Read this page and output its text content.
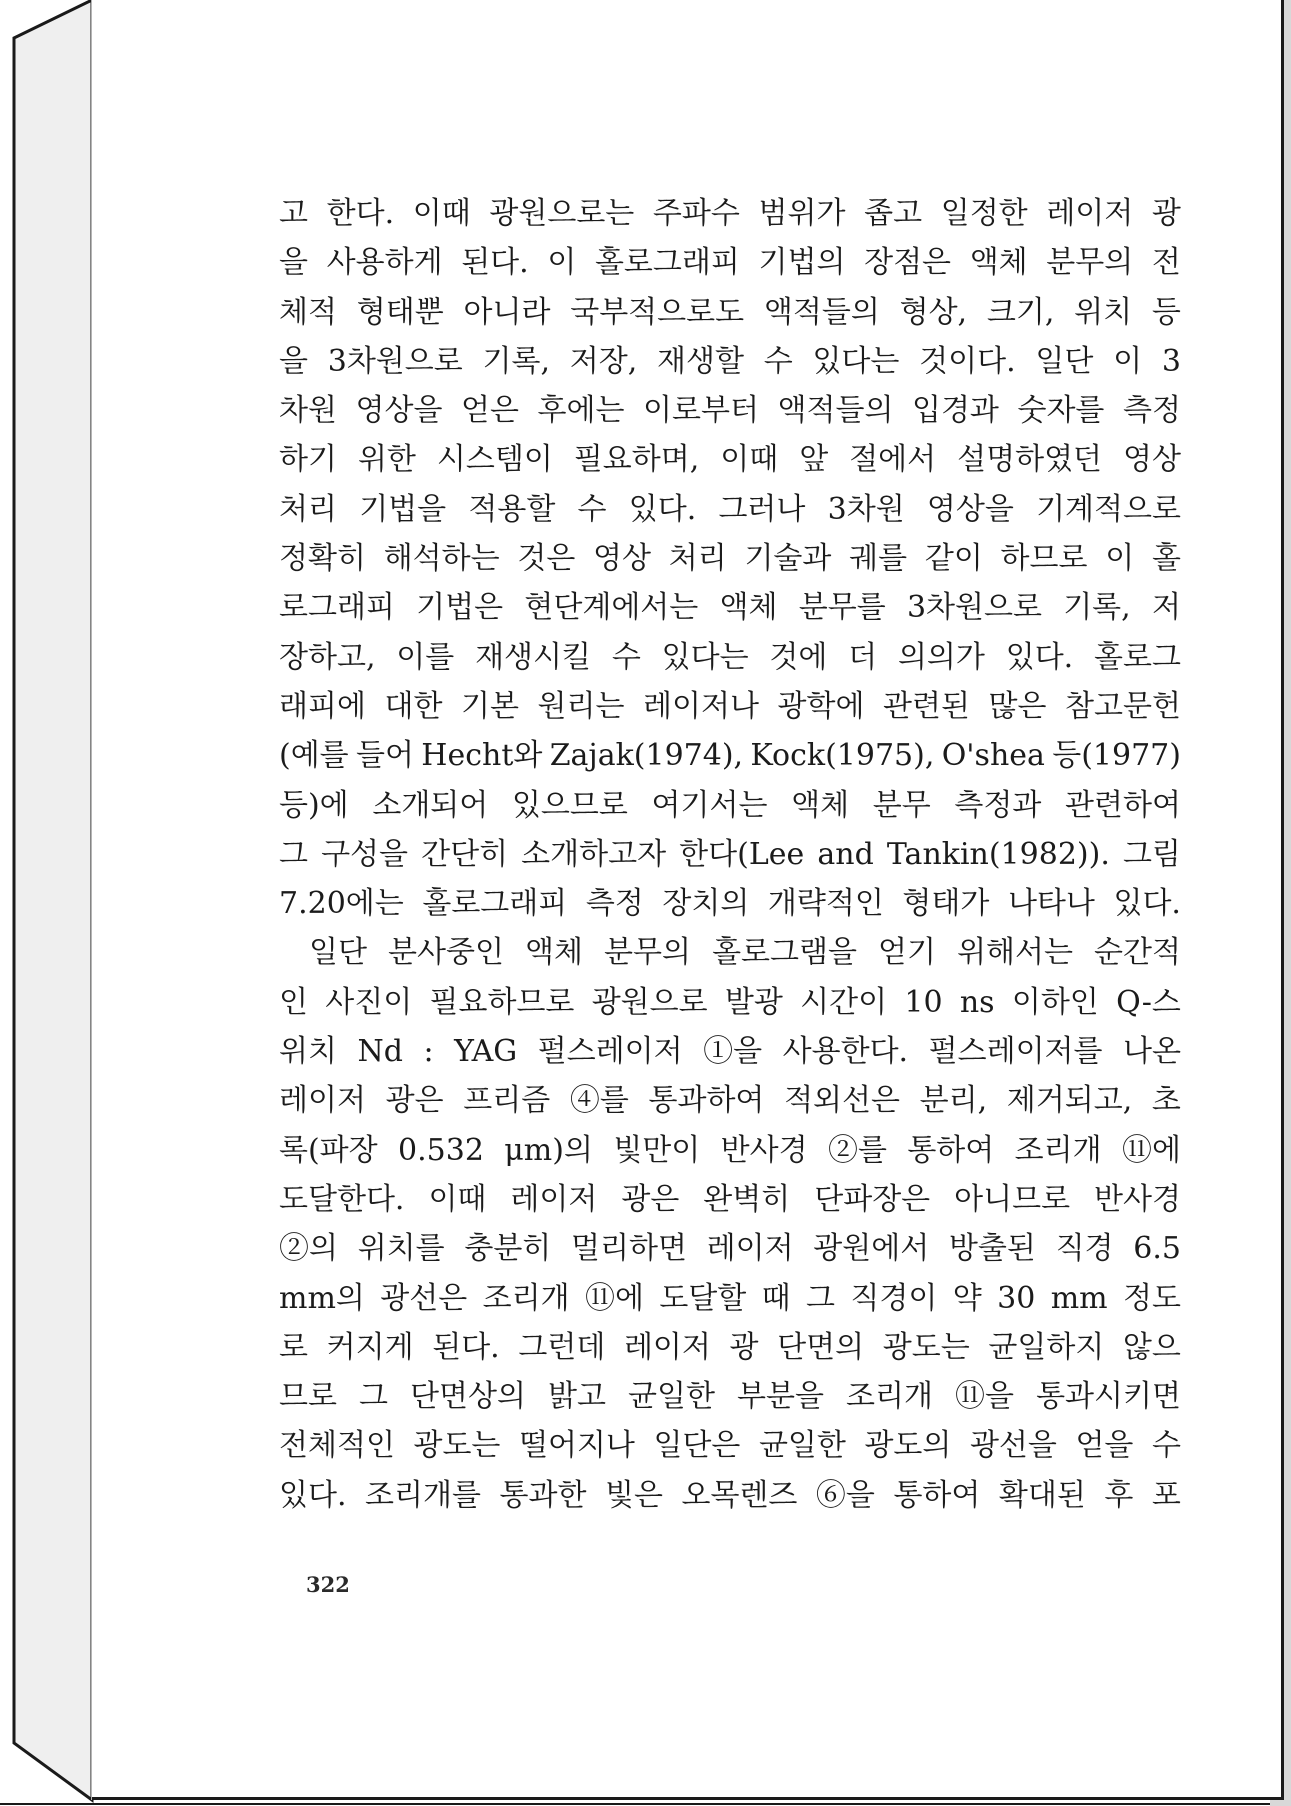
고 한다. 이때 광원으로는 주파수 범위가 좁고 일정한 레이저 광
을 사용하게 된다. 이 홀로그래피 기법의 장점은 액체 분무의 전
체적 형태뿐 아니라 국부적으로도 액적들의 형상, 크기, 위치 등
을 3차원으로 기록, 저장, 재생할 수 있다는 것이다. 일단 이 3
차원 영상을 얻은 후에는 이로부터 액적들의 입경과 숫자를 측정
하기 위한 시스템이 필요하며, 이때 앞 절에서 설명하였던 영상
처리 기법을 적용할 수 있다. 그러나 3차원 영상을 기계적으로
정확히 해석하는 것은 영상 처리 기술과 궤를 같이 하므로 이 홀
로그래피 기법은 현단계에서는 액체 분무를 3차원으로 기록, 저
장하고, 이를 재생시킬 수 있다는 것에 더 의의가 있다. 홀로그
래피에 대한 기본 원리는 레이저나 광학에 관련된 많은 참고문헌
(예를 들어 Hecht와 Zajak(1974), Kock(1975), O'shea 등(1977)
등)에 소개되어 있으므로 여기서는 액체 분무 측정과 관련하여
그 구성을 간단히 소개하고자 한다(Lee and Tankin(1982)). 그림
7.20에는 홀로그래피 측정 장치의 개략적인 형태가 나타나 있다.
일단 분사중인 액체 분무의 홀로그램을 얻기 위해서는 순간적
인 사진이 필요하므로 광원으로 발광 시간이 10 ns 이하인 Q-스
위치 Nd : YAG 펄스레이저 ①을 사용한다. 펄스레이저를 나온
레이저 광은 프리즘 ④를 통과하여 적외선은 분리, 제거되고, 초
록(파장 0.532 μm)의 빛만이 반사경 ②를 통하여 조리개 ⑪에
도달한다. 이때 레이저 광은 완벽히 단파장은 아니므로 반사경
②의 위치를 충분히 멀리하면 레이저 광원에서 방출된 직경 6.5
mm의 광선은 조리개 ⑪에 도달할 때 그 직경이 약 30 mm 정도
로 커지게 된다. 그런데 레이저 광 단면의 광도는 균일하지 않으
므로 그 단면상의 밝고 균일한 부분을 조리개 ⑪을 통과시키면
전체적인 광도는 떨어지나 일단은 균일한 광도의 광선을 얻을 수
있다. 조리개를 통과한 빛은 오목렌즈 ⑥을 통하여 확대된 후 포
322
